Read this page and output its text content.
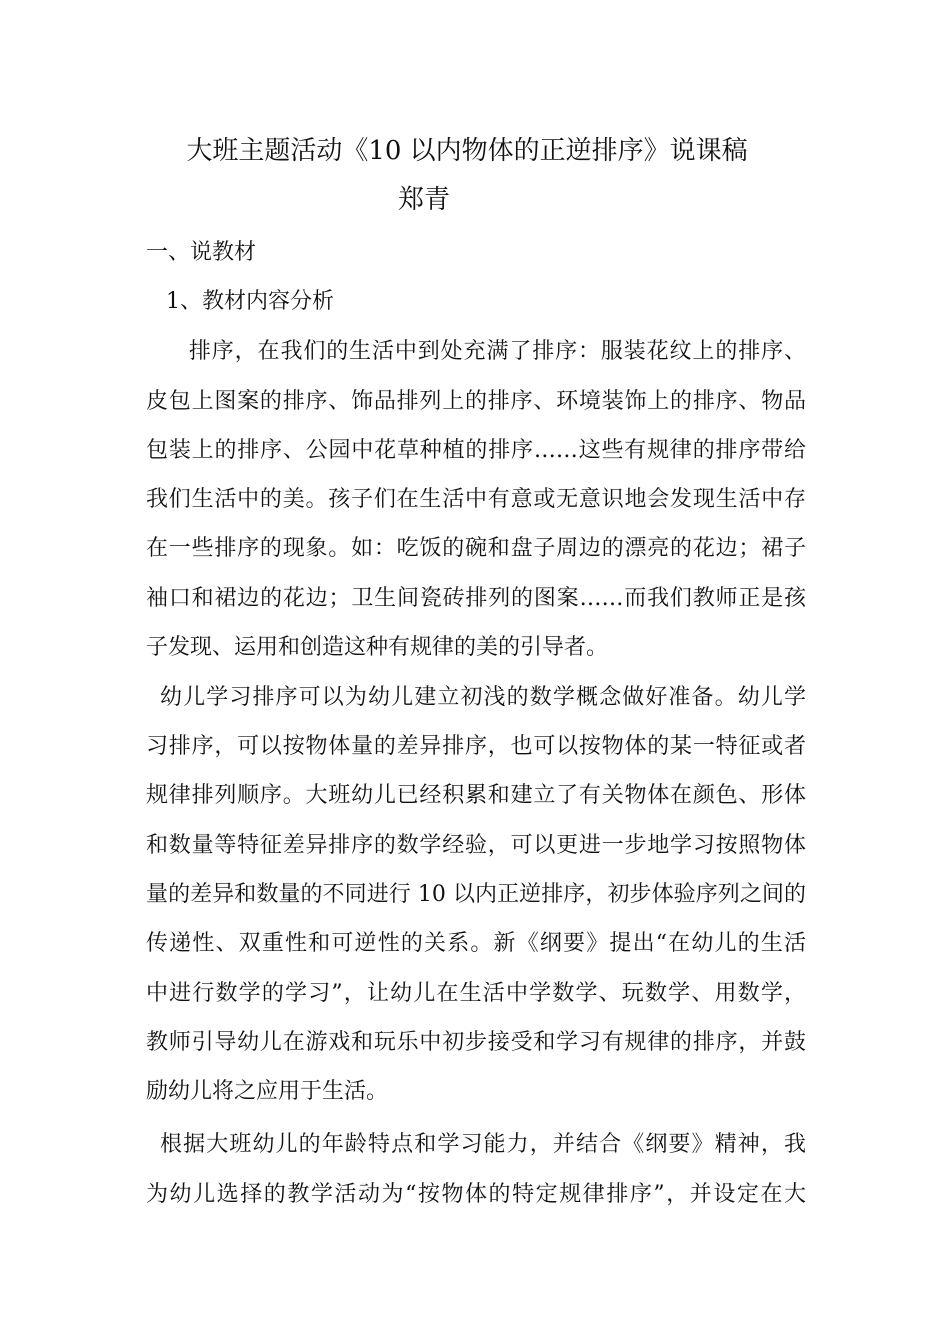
大班主题活动《10 以内物体的正逆排序》说课稿
郑青
一、说教材
1、教材内容分析
　排序，在我们的生活中到处充满了排序：服装花纹上的排序、
皮包上图案的排序、饰品排列上的排序、环境装饰上的排序、物品
包装上的排序、公园中花草种植的排序……这些有规律的排序带给
我们生活中的美。孩子们在生活中有意或无意识地会发现生活中存
在一些排序的现象。如：吃饭的碗和盘子周边的漂亮的花边；裙子
袖口和裙边的花边；卫生间瓷砖排列的图案……而我们教师正是孩
子发现、运用和创造这种有规律的美的引导者。
幼儿学习排序可以为幼儿建立初浅的数学概念做好准备。幼儿学
习排序，可以按物体量的差异排序，也可以按物体的某一特征或者
规律排列顺序。大班幼儿已经积累和建立了有关物体在颜色、形体
和数量等特征差异排序的数学经验，可以更进一步地学习按照物体
量的差异和数量的不同进行 10 以内正逆排序，初步体验序列之间的
传递性、双重性和可逆性的关系。新《纲要》提出“在幼儿的生活
中进行数学的学习”，让幼儿在生活中学数学、玩数学、用数学，
教师引导幼儿在游戏和玩乐中初步接受和学习有规律的排序，并鼓
励幼儿将之应用于生活。
根据大班幼儿的年龄特点和学习能力，并结合《纲要》精神，我
为幼儿选择的教学活动为“按物体的特定规律排序”，并设定在大
